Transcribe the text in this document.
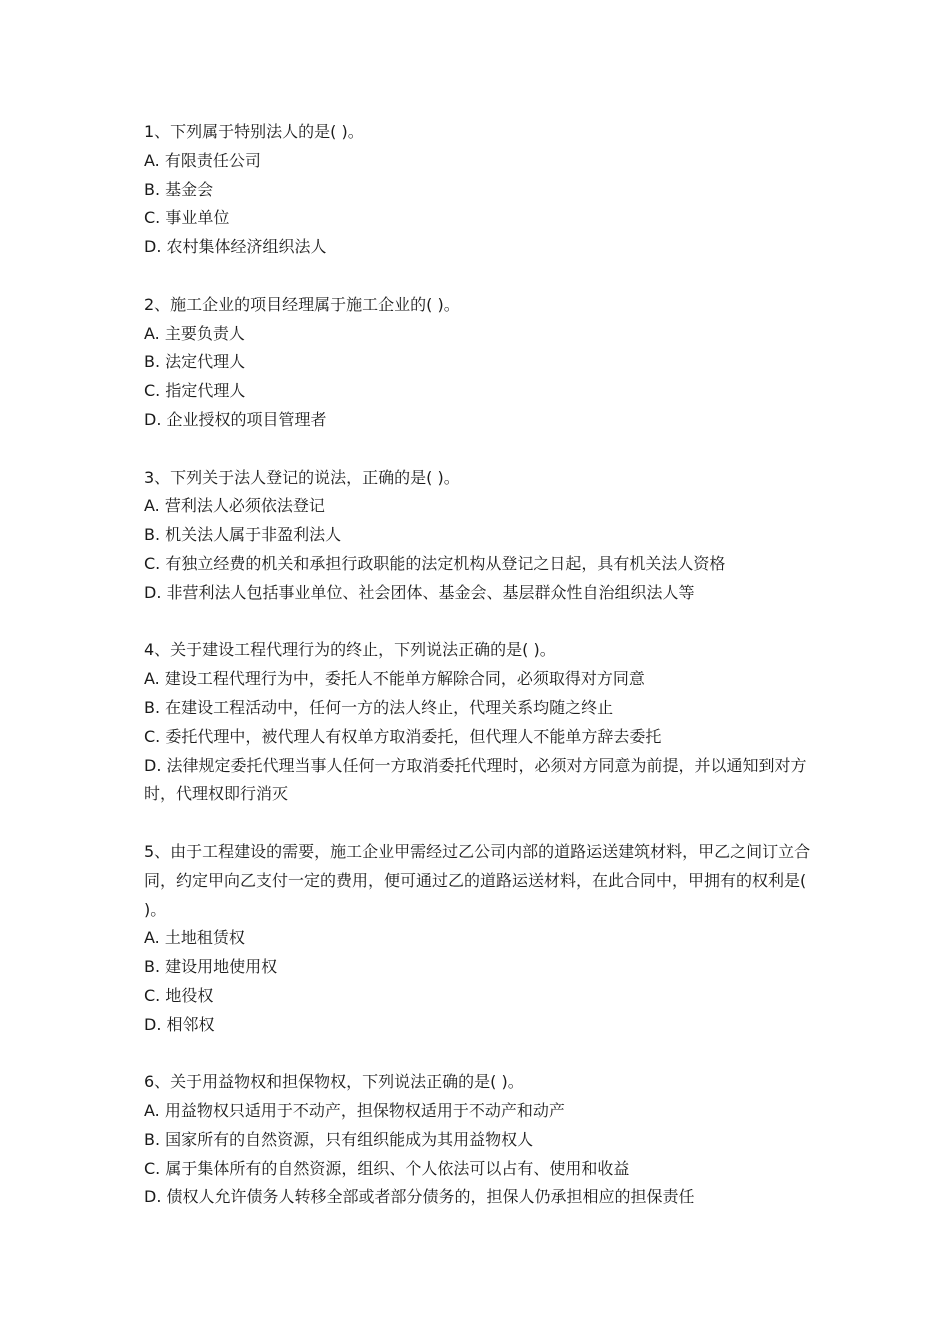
1、下列属于特别法人的是( )。

A. 有限责任公司

B. 基金会

C. 事业单位

D. 农村集体经济组织法人

2、施工企业的项目经理属于施工企业的( )。

A. 主要负责人

B. 法定代理人

C. 指定代理人

D. 企业授权的项目管理者

3、下列关于法人登记的说法，正确的是( )。

A. 营利法人必须依法登记

B. 机关法人属于非盈利法人

C. 有独立经费的机关和承担行政职能的法定机构从登记之日起，具有机关法人资格

D. 非营利法人包括事业单位、社会团体、基金会、基层群众性自治组织法人等

4、关于建设工程代理行为的终止，下列说法正确的是( )。

A. 建设工程代理行为中，委托人不能单方解除合同，必须取得对方同意

B. 在建设工程活动中，任何一方的法人终止，代理关系均随之终止

C. 委托代理中，被代理人有权单方取消委托，但代理人不能单方辞去委托

D. 法律规定委托代理当事人任何一方取消委托代理时，必须对方同意为前提，并以通知到对方时，代理权即行消灭

5、由于工程建设的需要，施工企业甲需经过乙公司内部的道路运送建筑材料，甲乙之间订立合同，约定甲向乙支付一定的费用，便可通过乙的道路运送材料，在此合同中，甲拥有的权利是( )。

A. 土地租赁权

B. 建设用地使用权

C. 地役权

D. 相邻权

6、关于用益物权和担保物权，下列说法正确的是( )。

A. 用益物权只适用于不动产，担保物权适用于不动产和动产

B. 国家所有的自然资源，只有组织能成为其用益物权人

C. 属于集体所有的自然资源，组织、个人依法可以占有、使用和收益

D. 债权人允许债务人转移全部或者部分债务的，担保人仍承担相应的担保责任
